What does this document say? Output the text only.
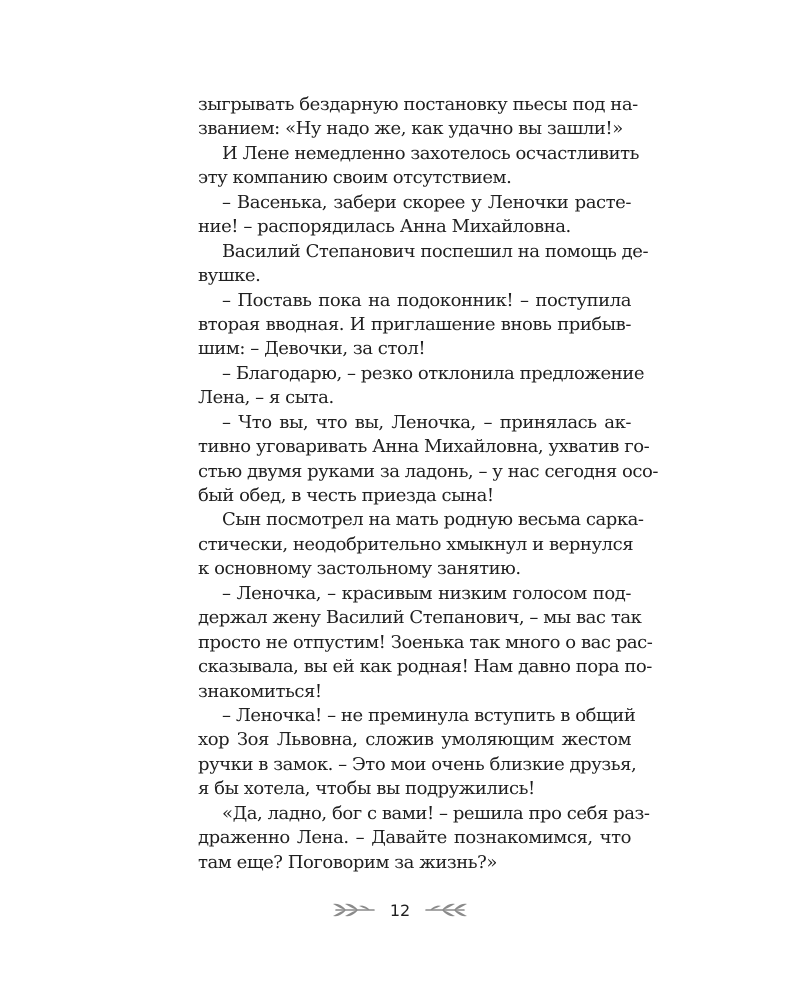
зыгрывать бездарную постановку пьесы под на-
званием: «Ну надо же, как удачно вы зашли!»
И Лене немедленно захотелось осчастливить
эту компанию своим отсутствием.
– Васенька, забери скорее у Леночки расте-
ние! – распорядилась Анна Михайловна.
Василий Степанович поспешил на помощь де-
вушке.
– Поставь пока на подоконник! – поступила
вторая вводная. И приглашение вновь прибыв-
шим: – Девочки, за стол!
– Благодарю, – резко отклонила предложение
Лена, – я сыта.
– Что вы, что вы, Леночка, – принялась ак-
тивно уговаривать Анна Михайловна, ухватив го-
стью двумя руками за ладонь, – у нас сегодня осо-
бый обед, в честь приезда сына!
Сын посмотрел на мать родную весьма сарка-
стически, неодобрительно хмыкнул и вернулся
к основному застольному занятию.
– Леночка, – красивым низким голосом под-
держал жену Василий Степанович, – мы вас так
просто не отпустим! Зоенька так много о вас рас-
сказывала, вы ей как родная! Нам давно пора по-
знакомиться!
– Леночка! – не преминула вступить в общий
хор Зоя Львовна, сложив умоляющим жестом
ручки в замок. – Это мои очень близкие друзья,
я бы хотела, чтобы вы подружились!
«Да, ладно, бог с вами! – решила про себя раз-
драженно Лена. – Давайте познакомимся, что
там еще? Поговорим за жизнь?»
12
